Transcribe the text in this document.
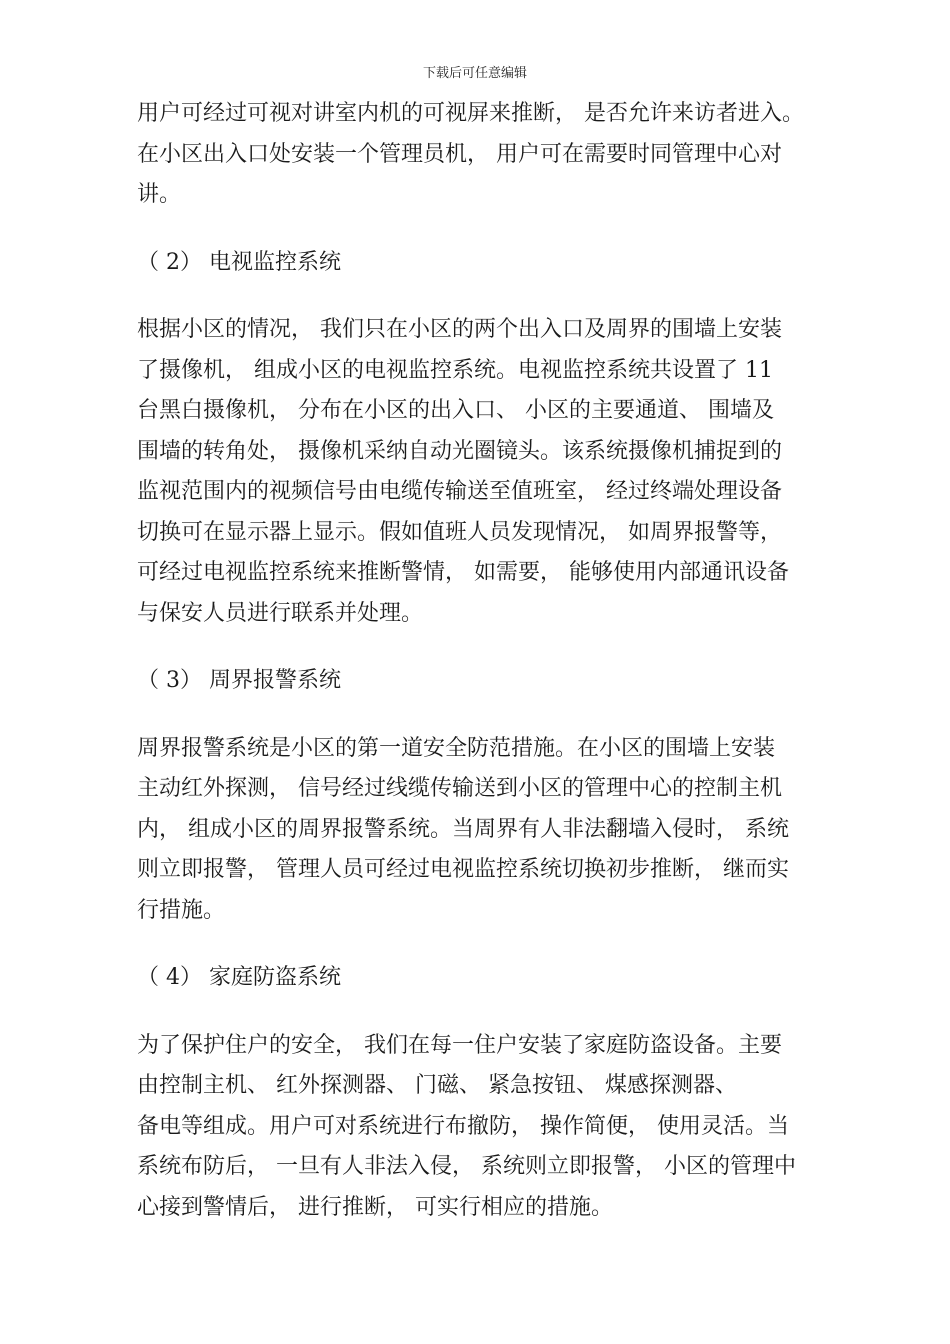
下载后可任意编辑
用户可经过可视对讲室内机的可视屏来推断， 是否允许来访者进入。
在小区出入口处安装一个管理员机， 用户可在需要时同管理中心对
讲。
（ 2） 电视监控系统
根据小区的情况， 我们只在小区的两个出入口及周界的围墙上安装
了摄像机， 组成小区的电视监控系统。电视监控系统共设置了 11
台黑白摄像机， 分布在小区的出入口、 小区的主要通道、 围墙及
围墙的转角处， 摄像机采纳自动光圈镜头。该系统摄像机捕捉到的
监视范围内的视频信号由电缆传输送至值班室， 经过终端处理设备
切换可在显示器上显示。假如值班人员发现情况， 如周界报警等，
可经过电视监控系统来推断警情， 如需要， 能够使用内部通讯设备
与保安人员进行联系并处理。
（ 3） 周界报警系统
周界报警系统是小区的第一道安全防范措施。在小区的围墙上安装
主动红外探测， 信号经过线缆传输送到小区的管理中心的控制主机
内， 组成小区的周界报警系统。当周界有人非法翻墙入侵时， 系统
则立即报警， 管理人员可经过电视监控系统切换初步推断， 继而实
行措施。
（ 4） 家庭防盗系统
为了保护住户的安全， 我们在每一住户安装了家庭防盗设备。主要
由控制主机、 红外探测器、 门磁、 紧急按钮、 煤感探测器、
备电等组成。用户可对系统进行布撤防， 操作简便， 使用灵活。当
系统布防后， 一旦有人非法入侵， 系统则立即报警， 小区的管理中
心接到警情后， 进行推断， 可实行相应的措施。
